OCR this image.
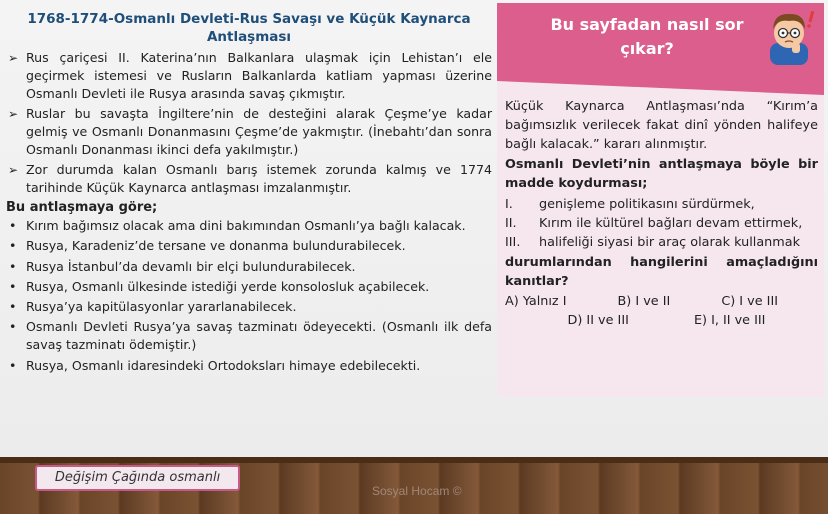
1768-1774-Osmanlı Devleti-Rus Savaşı ve Küçük Kaynarca
Antlaşması
➢ Rus çariçesi II. Katerina’nın Balkanlara ulaşmak için Lehistan’ı ele geçirmek istemesi ve Rusların Balkanlarda katliam yapması üzerine Osmanlı Devleti ile Rusya arasında savaş çıkmıştır.
➢ Ruslar bu savaşta İngiltere’nin de desteğini alarak Çeşme’ye kadar gelmiş ve Osmanlı Donanmasını Çeşme’de yakmıştır. (İnebahtı’dan sonra Osmanlı Donanması ikinci defa yakılmıştır.)
➢ Zor durumda kalan Osmanlı barış istemek zorunda kalmış ve 1774 tarihinde Küçük Kaynarca antlaşması imzalanmıştır.
Bu antlaşmaya göre;
• Kırım bağımsız olacak ama dini bakımından Osmanlı’ya bağlı kalacak.
• Rusya, Karadeniz’de tersane ve donanma bulundurabilecek.
• Rusya İstanbul’da devamlı bir elçi bulundurabilecek.
• Rusya, Osmanlı ülkesinde istediği yerde konsolosluk açabilecek.
• Rusya’ya kapitülasyonlar yararlanabilecek.
• Osmanlı Devleti Rusya’ya savaş tazminatı ödeyecekti. (Osmanlı ilk defa savaş tazminatı ödemiştir.)
• Rusya, Osmanlı idaresindeki Ortodoksları himaye edebilecekti.
Bu sayfadan nasıl sor
çıkar?

Küçük Kaynarca Antlaşması’nda “Kırım’a bağımsızlık verilecek fakat dinî yönden halifeye bağlı kalacak.” kararı alınmıştır.

Osmanlı Devleti’nin antlaşmaya böyle bir madde koydurması;

I. genişleme politikasını sürdürmek,
II. Kırım ile kültürel bağları devam ettirmek,
III. halifeliği siyasi bir araç olarak kullanmak

durumlarından hangilerini amaçladığını kanıtlar?

A) Yalnız I	B) I ve II	C) I ve III
D) II ve III	E) I, II ve III
Değişim Çağında osmanlı
Sosyal Hocam ©
